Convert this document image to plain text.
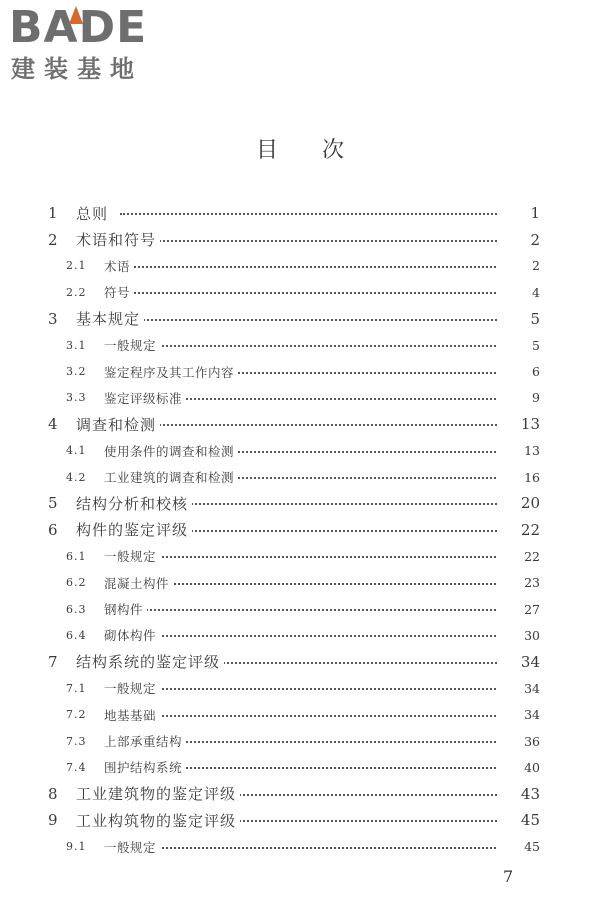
BADE
建装基地
目 次
1 总则	1
2 术语和符号	2
2.1 术语	2
2.2 符号	4
3 基本规定	5
3.1 一般规定	5
3.2 鉴定程序及其工作内容	6
3.3 鉴定评级标准	9
4 调查和检测	13
4.1 使用条件的调查和检测	13
4.2 工业建筑的调查和检测	16
5 结构分析和校核	20
6 构件的鉴定评级	22
6.1 一般规定	22
6.2 混凝土构件	23
6.3 钢构件	27
6.4 砌体构件	30
7 结构系统的鉴定评级	34
7.1 一般规定	34
7.2 地基基础	34
7.3 上部承重结构	36
7.4 围护结构系统	40
8 工业建筑物的鉴定评级	43
9 工业构筑物的鉴定评级	45
9.1 一般规定	45
7
